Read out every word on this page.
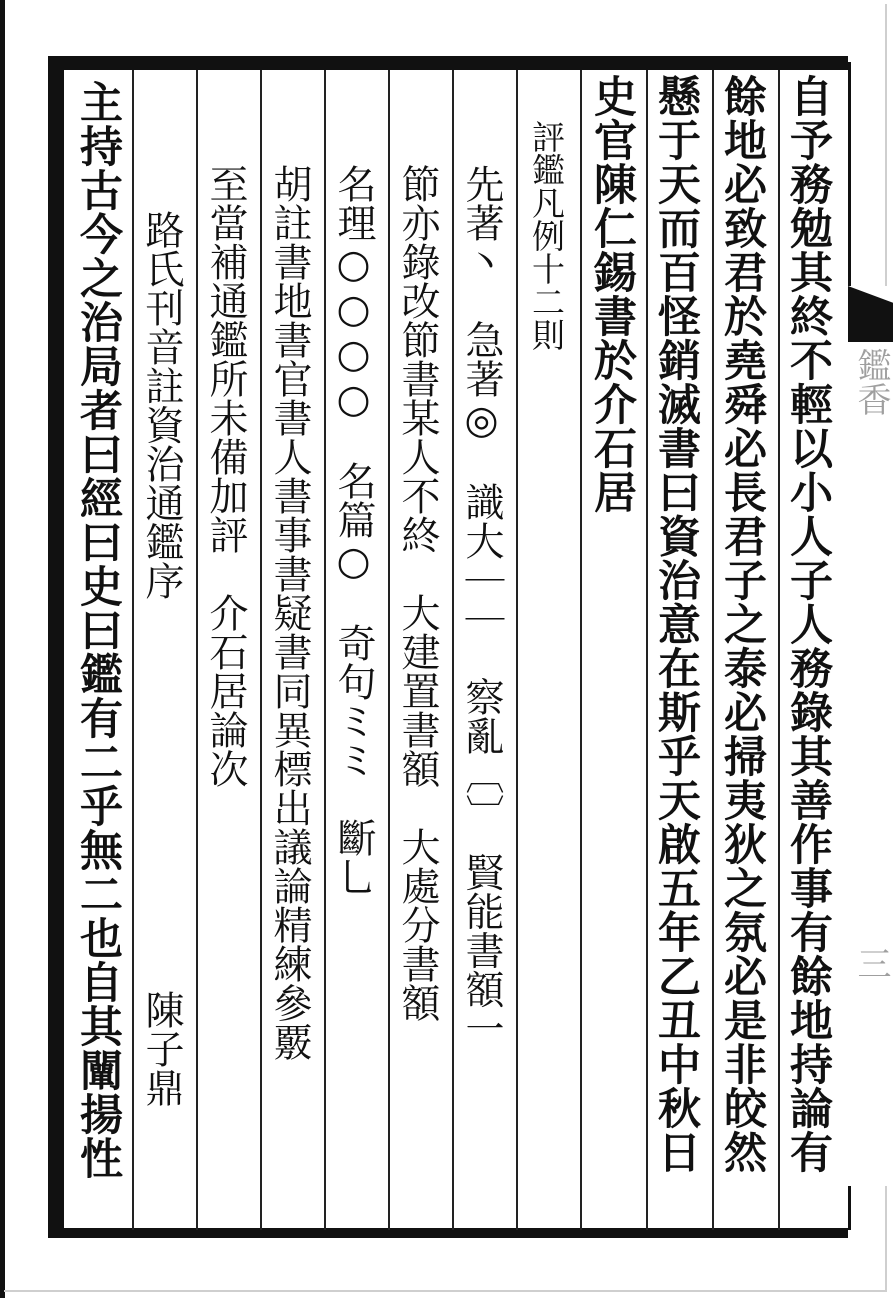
自予務勉其終不輕以小人子人務錄其善作事有餘地持論有
餘地必致君於堯舜必長君子之泰必掃夷狄之氛必是非皎然
懸于天而百怪銷滅書曰資治意在斯乎天啟五年乙丑中秋日
史官陳仁錫書於介石居
評鑑凡例十二則
先著丶　急著◎　識大｜｜　察亂〔〕　賢能書額一
節亦錄改節書某人不終　大建置書額　大處分書額
名理○○○○　名篇○　奇句ミミ　斷乚
胡註書地書官書人書事書疑書同異標出議論精練參覈
至當補通鑑所未備加評　介石居論次
路氏刊音註資治通鑑序
陳子鼎
主持古今之治局者曰經曰史曰鑑有二乎無二也自其闡揚性	鑑香
三
